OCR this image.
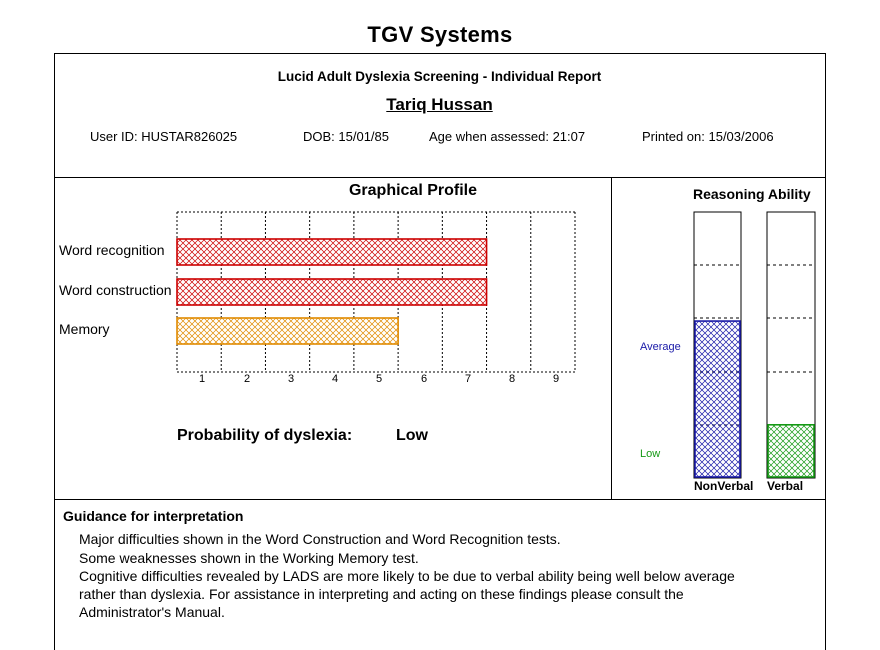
TGV Systems
Lucid Adult Dyslexia Screening - Individual Report
Tariq Hussan
User ID: HUSTAR826025	DOB: 15/01/85	Age when assessed: 21:07	Printed on: 15/03/2006
Graphical Profile	Reasoning Ability
Word recognition
Word construction
Memory
1	2	3	4	5	6	7	8	9
Probability of dyslexia:	Low
Average
Low
NonVerbal Verbal
Guidance for interpretation
Major difficulties shown in the Word Construction and Word Recognition tests.
Some weaknesses shown in the Working Memory test.
Cognitive difficulties revealed by LADS are more likely to be due to verbal ability being well below average
rather than dyslexia. For assistance in interpreting and acting on these findings please consult the
Administrator's Manual.
